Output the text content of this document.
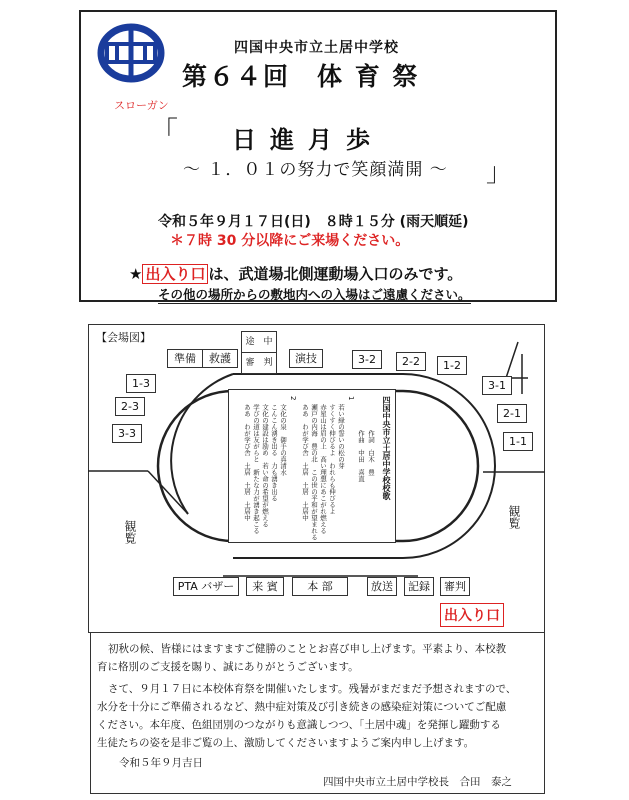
四国中央市立土居中学校
第６４回　体 育 祭
スローガン
「 日進月歩
～ １．０１の努力で笑顔満開 ～ 」
令和５年９月１７日(日)　８時１５分 (雨天順延)
＊７時 30 分以降にご来場ください。
★ 出入り口 は、武道場北側運動場入口のみです。
その他の場所からの敷地内への入場はご遠慮ください。
【会場図】
準備	救護
途　中
審　判	演技	3-2	2-2	1-2
1-3
2-3
3-3
3-1
2-1
1-1
PTA バザー	来 賓	本 部	放送	記録	審判
観覧
観覧
出入り口
四国中央市立土居中学校校歌
作詞　白木　豊
作曲　中田　喜直
1
若い緑の誓いの松の芽
すくすく伸びるよ　われらも伸びるよ
赤星山は眉の上　高い理想にあこがれ燃える
瀬戸の内海　豊の北　この世の平和が望まれる
ああ　わが学び舎　土居　土居　土居中
2
文化の泉　御手の真清水
こんこん湧き出る　力も湧き出る
文化の建設は励め　若い命の希望が燃える
学びの道は友がらと　新たな力が湧き起こる
ああ　わが学び舎　土居　土居　土居中
初秋の候、皆様にはますますご健勝のこととお喜び申し上げます。平素より、本校教
育に格別のご支援を賜り、誠にありがとうございます。
さて、９月１７日に本校体育祭を開催いたします。残暑がまだまだ予想されますので、
水分を十分にご準備されるなど、熱中症対策及び引き続きの感染症対策についてご配慮
ください。本年度、色組団別のつながりも意識しつつ、「土居中魂」を発揮し躍動する
生徒たちの姿を是非ご覧の上、激励してくださいますようご案内申し上げます。
令和５年９月吉日
四国中央市立土居中学校長　合田　泰之
